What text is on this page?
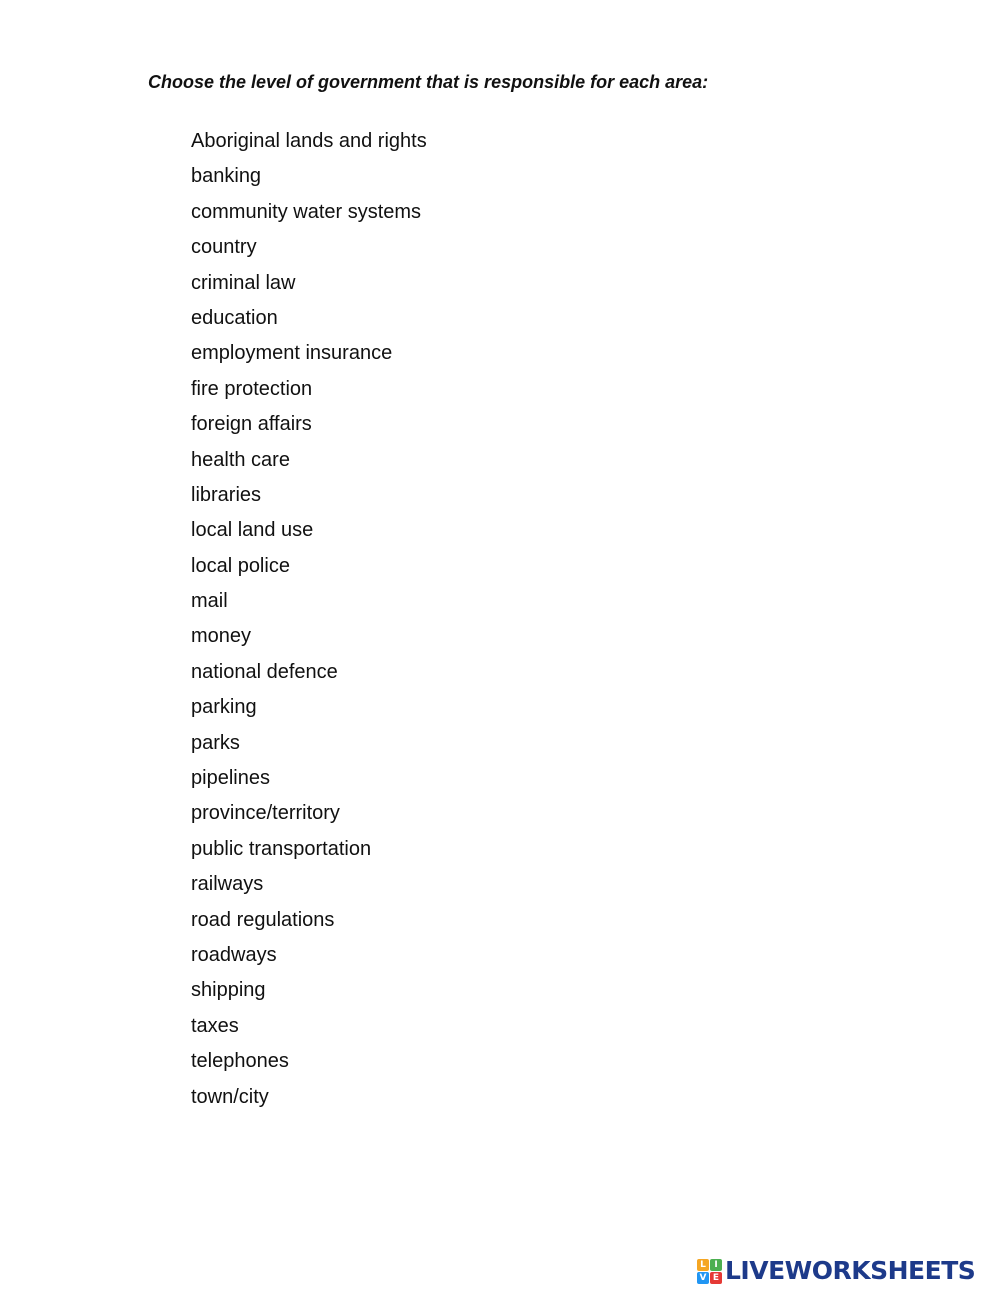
Choose the level of government that is responsible for each area:
Aboriginal lands and rights
banking
community water systems
country
criminal law
education
employment insurance
fire protection
foreign affairs
health care
libraries
local land use
local police
mail
money
national defence
parking
parks
pipelines
province/territory
public transportation
railways
road regulations
roadways
shipping
taxes
telephones
town/city
L I
V E LIVEWORKSHEETS
